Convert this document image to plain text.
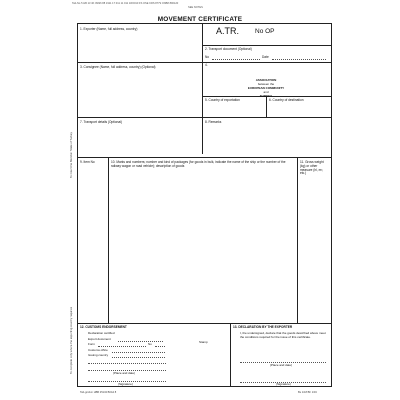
Tab-No 5 HB 13 4K 09/96 88 1911 17 011 11 011 18/2010 FS OSE KRS 8779 ONB8 890120
SEE NOTES
MOVEMENT CERTIFICATE
To insert the Member State of Turkey
To complete only where the exporting country requires
1. Exporter (Name, full address, country)	A.TR. No OP
2. Transport document (Optional)
No	Date
3. Consignee (Name, full address, country) (Optional)	4.
ASSOCIATION
between the
EUROPEAN COMMUNITY
and
TURKEY
5. Country of exportation	6. Country of destination
7. Transport details (Optional)	8. Remarks
9. Item No	10. Marks and numbers; number and kind of packages (for goods in bulk, indicate the name of the ship or the number of the railway wagon or road vehicle); description of goods
11. Gross weight (kg) or other measure (hl, m³, etc.)
12. CUSTOMS ENDORSEMENT
Declaration certified
Export document
Form	No
Customs office
Issuing country
Stamp
(Place and date)
(Signature)
13. DECLARATION BY THE EXPORTER
I, the undersigned, declare that the goods described above meet the conditions required for the issue of this certificate.
(Place and date)
(Signature)
Tab-grubvn HBB 25134 B0A2 8	Bu 1/18 BF 1/04
